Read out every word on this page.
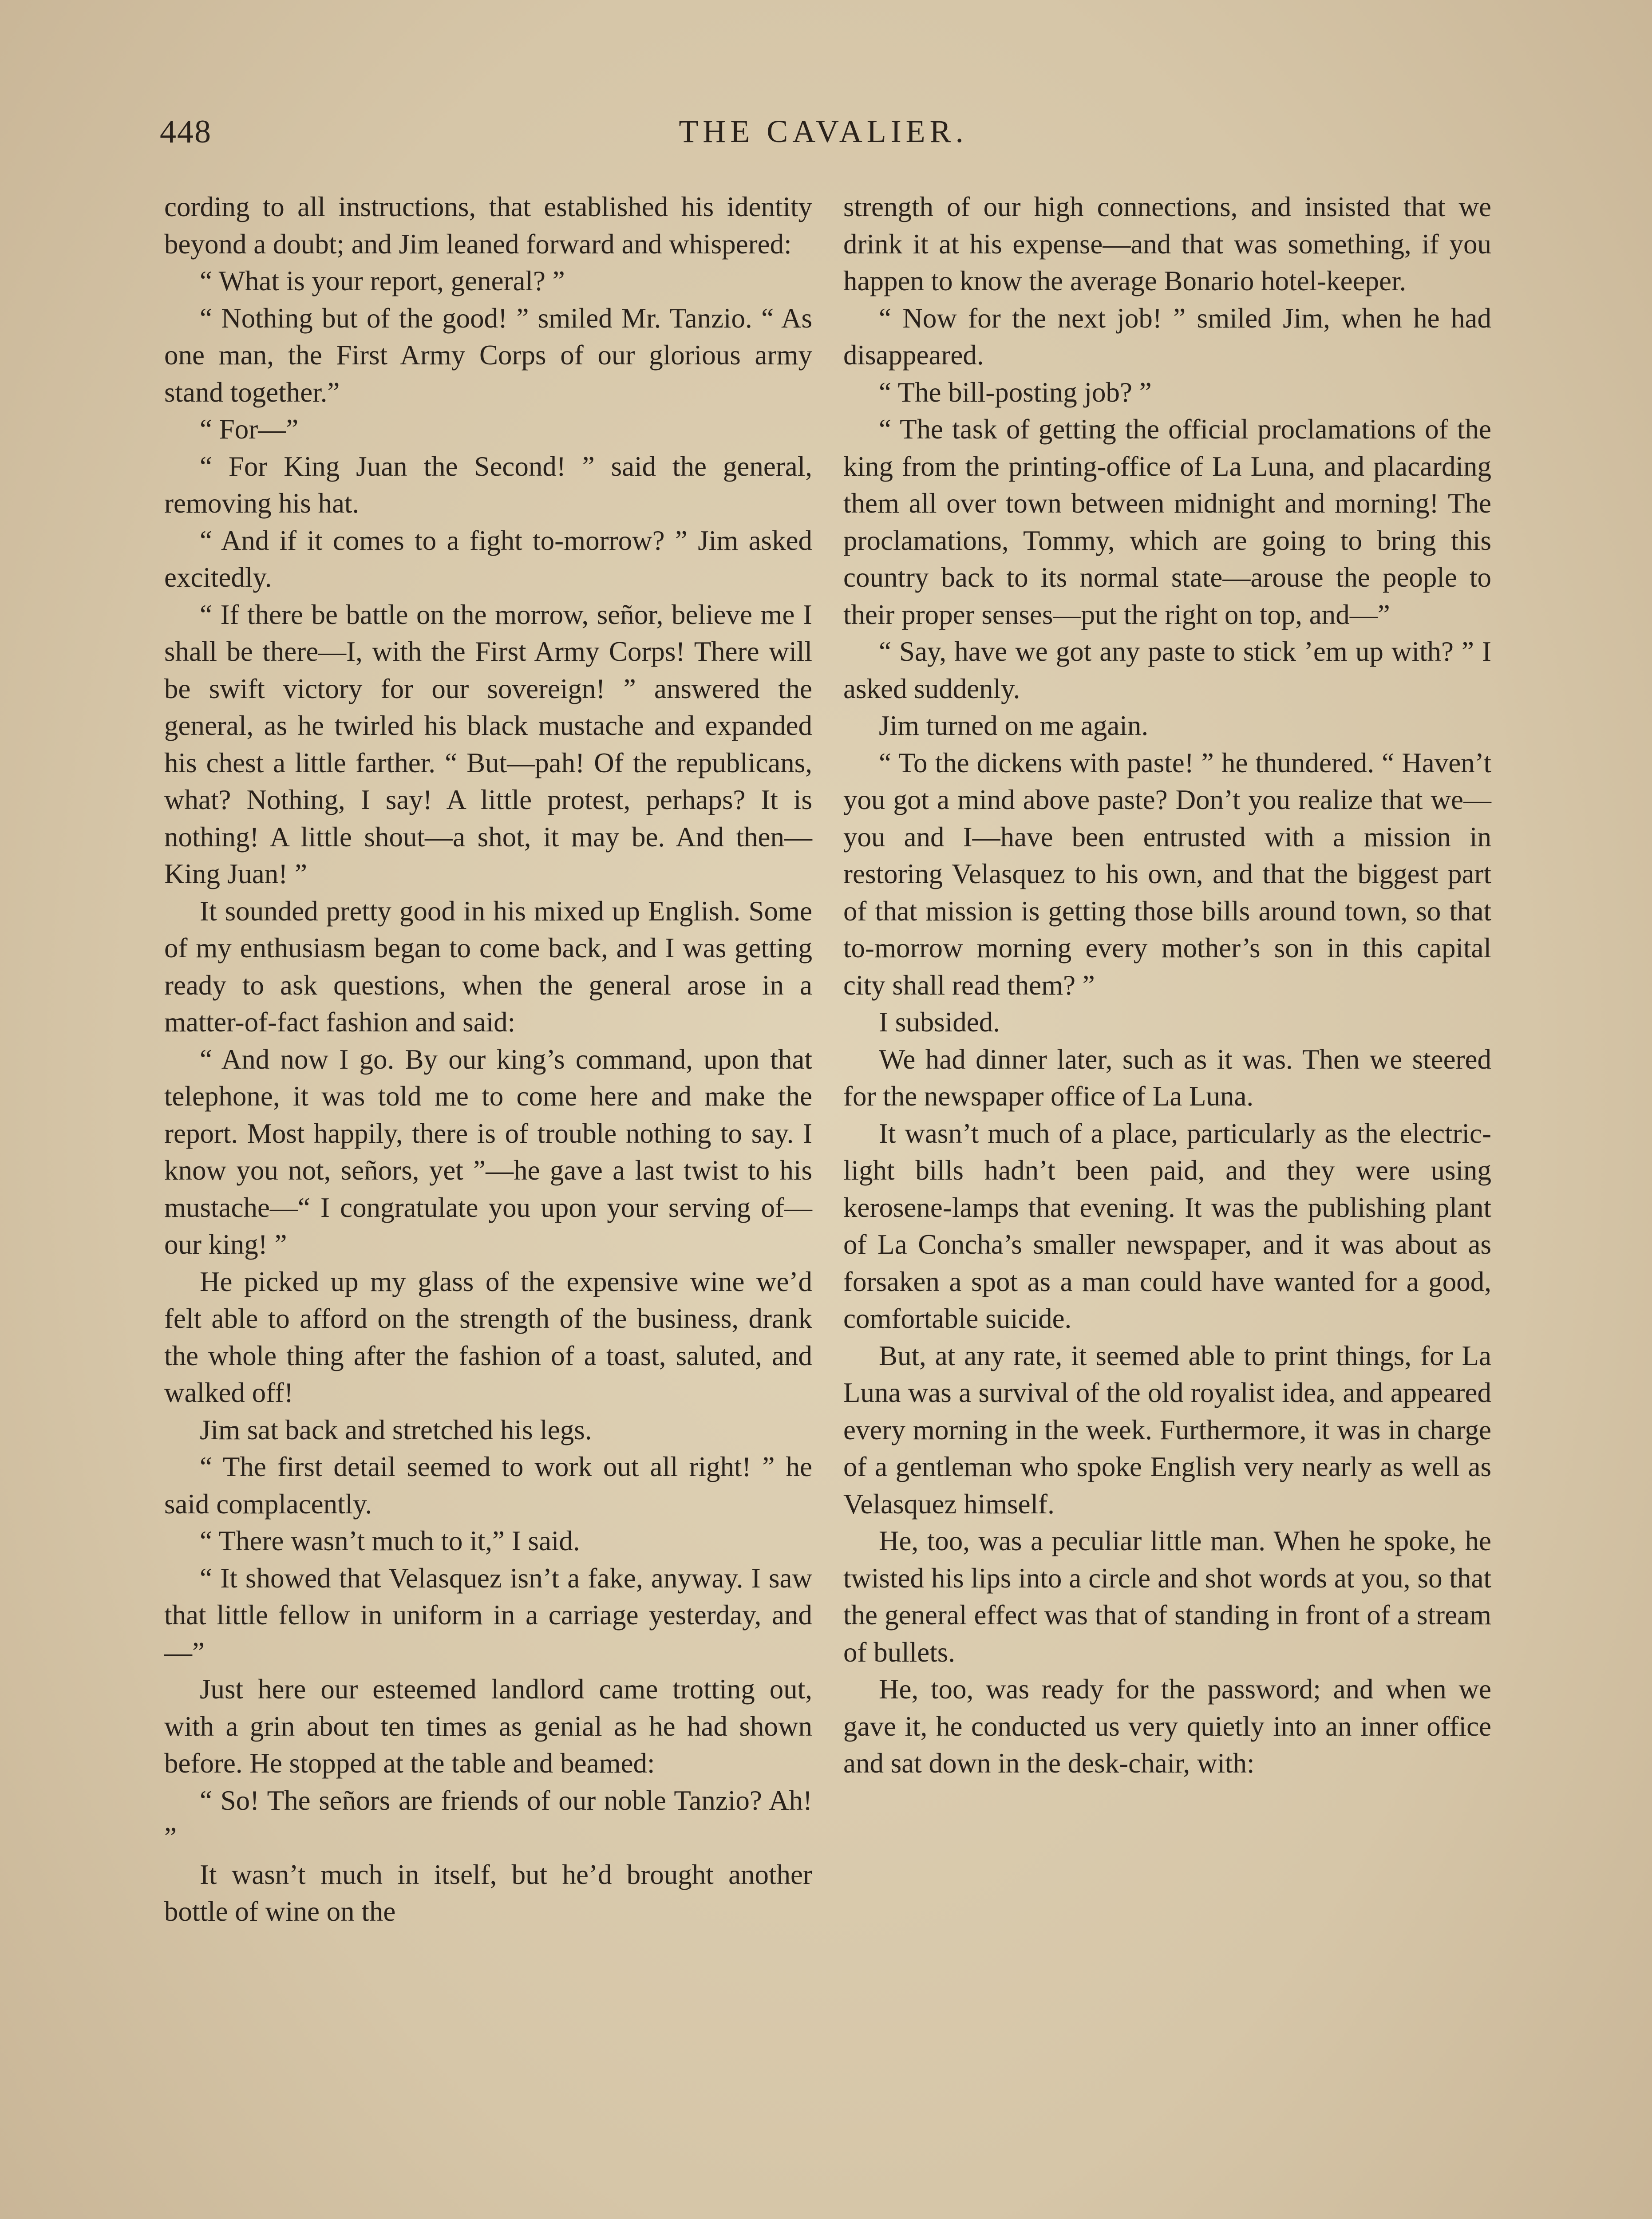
448	THE CAVALIER.

cording to all instructions, that established his identity beyond a doubt; and Jim leaned forward and whispered:

“ What is your report, general? ”

“ Nothing but of the good! ” smiled Mr. Tanzio. “ As one man, the First Army Corps of our glorious army stand together.”

“ For—”

“ For King Juan the Second! ” said the general, removing his hat.

“ And if it comes to a fight to-morrow? ” Jim asked excitedly.

“ If there be battle on the morrow, señor, believe me I shall be there—I, with the First Army Corps! There will be swift victory for our sovereign! ” answered the general, as he twirled his black mustache and expanded his chest a little farther. “ But—pah! Of the republicans, what? Nothing, I say! A little protest, perhaps? It is nothing! A little shout—a shot, it may be. And then—King Juan! ”

It sounded pretty good in his mixed up English. Some of my enthusiasm began to come back, and I was getting ready to ask questions, when the general arose in a matter-of-fact fashion and said:

“ And now I go. By our king’s command, upon that telephone, it was told me to come here and make the report. Most happily, there is of trouble nothing to say. I know you not, señors, yet ”—he gave a last twist to his mustache—“ I congratulate you upon your serving of—our king! ”

He picked up my glass of the expensive wine we’d felt able to afford on the strength of the business, drank the whole thing after the fashion of a toast, saluted, and walked off!

Jim sat back and stretched his legs.

“ The first detail seemed to work out all right! ” he said complacently.

“ There wasn’t much to it,” I said.

“ It showed that Velasquez isn’t a fake, anyway. I saw that little fellow in uniform in a carriage yesterday, and—”

Just here our esteemed landlord came trotting out, with a grin about ten times as genial as he had shown before. He stopped at the table and beamed:

“ So! The señors are friends of our noble Tanzio? Ah! ”

It wasn’t much in itself, but he’d brought another bottle of wine on the

strength of our high connections, and insisted that we drink it at his expense—and that was something, if you happen to know the average Bonario hotel-keeper.

“ Now for the next job! ” smiled Jim, when he had disappeared.

“ The bill-posting job? ”

“ The task of getting the official proclamations of the king from the printing-office of La Luna, and placarding them all over town between midnight and morning! The proclamations, Tommy, which are going to bring this country back to its normal state—arouse the people to their proper senses—put the right on top, and—”

“ Say, have we got any paste to stick ’em up with? ” I asked suddenly.

Jim turned on me again.

“ To the dickens with paste! ” he thundered. “ Haven’t you got a mind above paste? Don’t you realize that we—you and I—have been entrusted with a mission in restoring Velasquez to his own, and that the biggest part of that mission is getting those bills around town, so that to-morrow morning every mother’s son in this capital city shall read them? ”

I subsided.

We had dinner later, such as it was. Then we steered for the newspaper office of La Luna.

It wasn’t much of a place, particularly as the electric-light bills hadn’t been paid, and they were using kerosene-lamps that evening. It was the publishing plant of La Concha’s smaller newspaper, and it was about as forsaken a spot as a man could have wanted for a good, comfortable suicide.

But, at any rate, it seemed able to print things, for La Luna was a survival of the old royalist idea, and appeared every morning in the week. Furthermore, it was in charge of a gentleman who spoke English very nearly as well as Velasquez himself.

He, too, was a peculiar little man. When he spoke, he twisted his lips into a circle and shot words at you, so that the general effect was that of standing in front of a stream of bullets.

He, too, was ready for the password; and when we gave it, he conducted us very quietly into an inner office and sat down in the desk-chair, with:
